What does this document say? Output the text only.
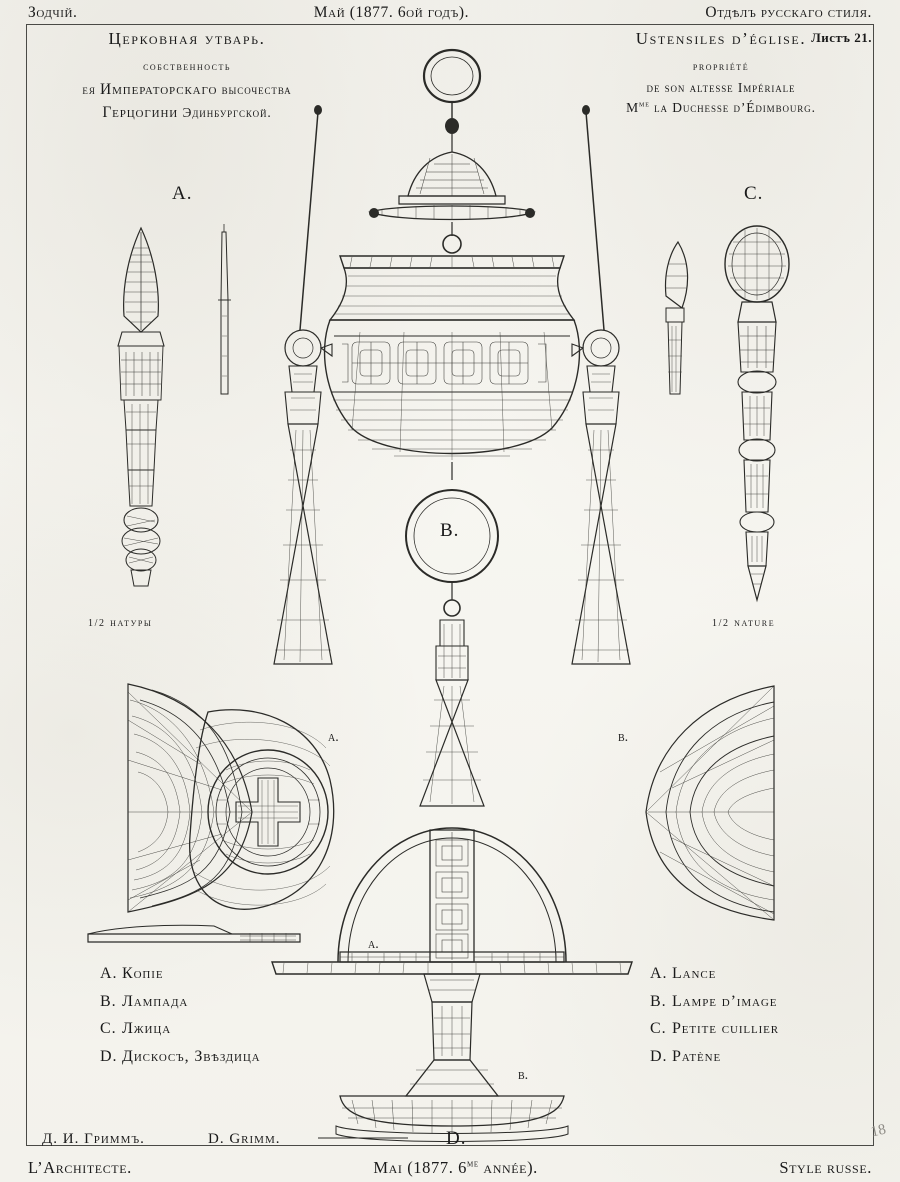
Зодчій.	Май (1877. 6ой годъ).	Отдѣлъ русскаго стиля.
Листъ 21.
Церковная утварь.
собственность
ея Императорскаго высочества
Герцогини Эдинбургской.
Ustensiles d’église.
propriété
de son altesse Impériale
$M^{me}$ la Duchesse d’Édimbourg.
A.	C.
B.
D.
a.	b.
a.
b.
1/2 натуры	1/2 nature
A. Копіе
B. Лампада
C. Лжица
D. Дискосъ, Звѣздица
A. Lance
B. Lampe d’image
C. Petite cuillier
D. Patène
Д. И. Гриммъ.	D. Grimm.	18
L’Architecte.	Mai (1877. $6^{me}$ année).	Style russe.
